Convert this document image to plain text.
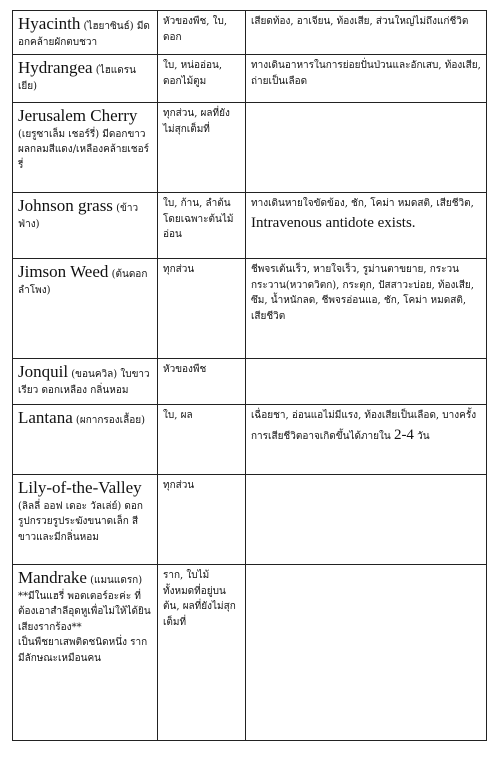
Hyacinth (ไฮยาซินธ์) มีดอกคล้ายผักตบชวา	หัวของพืช, ใบ, ดอก	เสียดท้อง, อาเจียน, ท้องเสีย, ส่วนใหญ่ไม่ถึงแก่ชีวิต
Hydrangea (ไฮแดรนเยีย)	ใบ, หน่ออ่อน, ดอกไม้ตูม	ทางเดินอาหารในการย่อยปั่นป่วนและอักเสบ, ท้องเสีย, ถ่ายเป็นเลือด
Jerusalem Cherry (เยรูซาเล็ม เชอร์รี่) มีดอกขาว ผลกลมสีแดง/เหลืองคล้ายเชอร์รี่	ทุกส่วน, ผลที่ยังไม่สุกเต็มที่	
Johnson grass (ข้าวฟ่าง)	ใบ, ก้าน, ลำต้น โดยเฉพาะต้นไม้อ่อน	ทางเดินหายใจขัดข้อง, ชัก, โคม่า หมดสติ, เสียชีวิต, Intravenous antidote exists.
Jimson Weed (ต้นดอกลำโพง)	ทุกส่วน	ชีพจรเต้นเร็ว, หายใจเร็ว, รูม่านตาขยาย, กระวนกระวาน(หวาดวิตก), กระตุก, ปัสสาวะบ่อย, ท้องเสีย, ซึม, น้ำหนักลด, ชีพจรอ่อนแอ, ชัก, โคม่า หมดสติ, เสียชีวิต
Jonquil (ขอนควิล) ใบขาวเรียว ดอกเหลือง กลิ่นหอม	หัวของพืช	
Lantana (ผกากรองเลื้อย)	ใบ, ผล	เฉื่อยชา, อ่อนแอไม่มีแรง, ท้องเสียเป็นเลือด, บางครั้งการเสียชีวิตอาจเกิดขึ้นได้ภายใน 2-4 วัน
Lily-of-the-Valley (ลิลลี่ ออฟ เดอะ วัลเล่ย์) ดอกรูปกรวยรูประฆังขนาดเล็ก สีขาวและมีกลิ่นหอม	ทุกส่วน	
Mandrake (แมนแดรก)
**มีในแฮรี่ พอตเตอร์อะค่ะ ที่ต้องเอาสำลีอุดหูเพื่อไม่ให้ได้ยินเสียงรากร้อง**
เป็นพืชยาเสพติดชนิดหนึ่ง รากมีลักษณะเหมือนคน	ราก, ใบไม้ทั้งหมดที่อยู่บนต้น, ผลที่ยังไม่สุกเต็มที่	
